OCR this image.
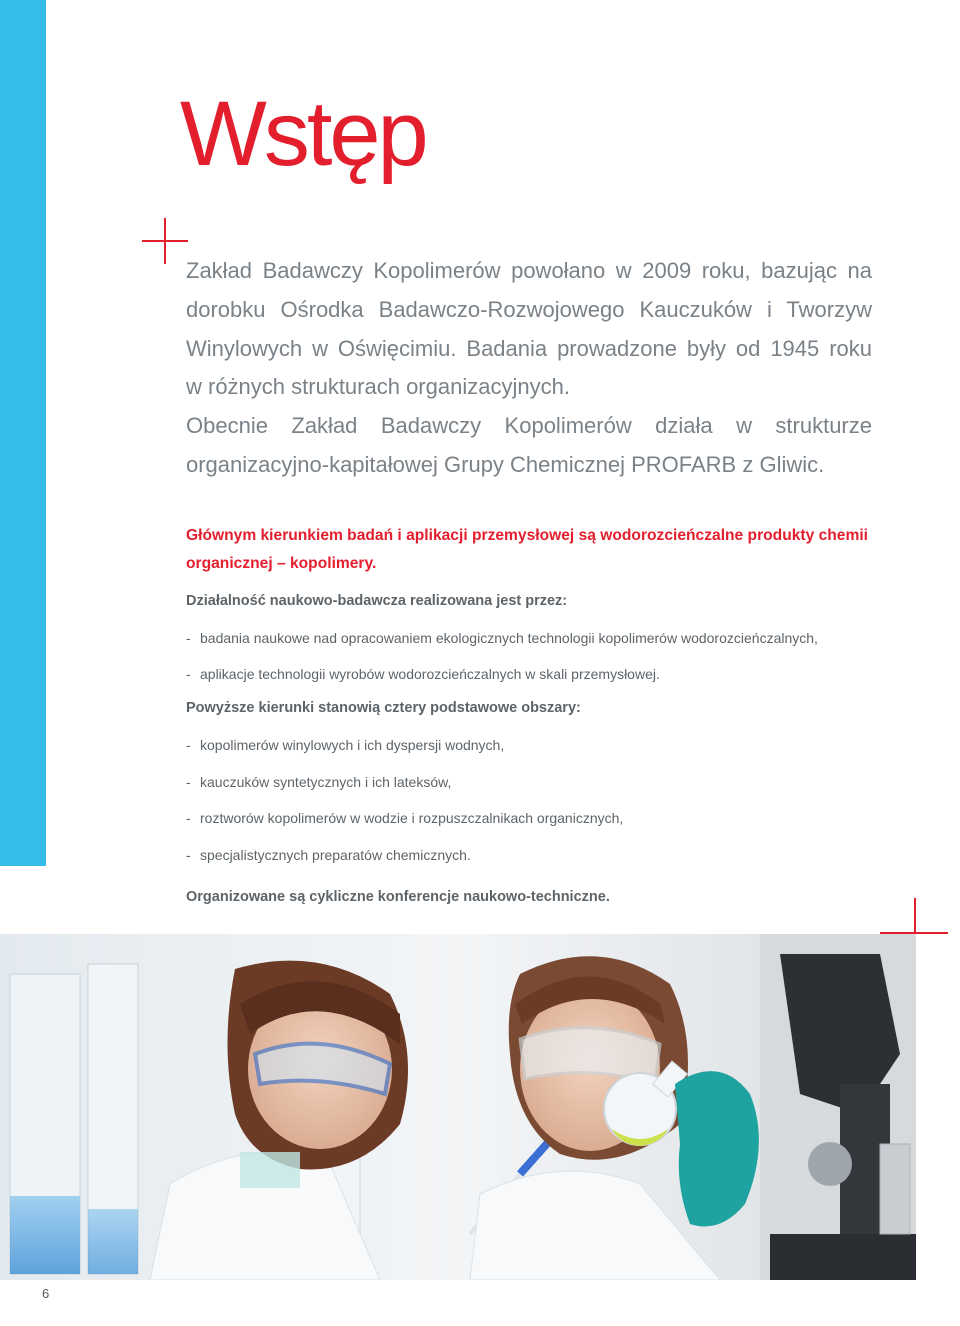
Wstęp

Zakład Badawczy Kopolimerów powołano w 2009 roku, bazując na

dorobku Ośrodka Badawczo-Rozwojowego Kauczuków i Tworzyw

Winylowych w Oświęcimiu. Badania prowadzone były od 1945 roku

w różnych strukturach organizacyjnych.

Obecnie Zakład Badawczy Kopolimerów działa w strukturze

organizacyjno-kapitałowej Grupy Chemicznej PROFARB z Gliwic.

Głównym kierunkiem badań i aplikacji przemysłowej są wodorozcieńczalne produkty chemii organicznej – kopolimery.

Działalność naukowo-badawcza realizowana jest przez:

- badania naukowe nad opracowaniem ekologicznych technologii kopolimerów wodorozcieńczalnych,
- aplikacje technologii wyrobów wodorozcieńczalnych w skali przemysłowej.

Powyższe kierunki stanowią cztery podstawowe obszary:

- kopolimerów winylowych i ich dyspersji wodnych,
- kauczuków syntetycznych i ich lateksów,
- roztworów kopolimerów w wodzie i rozpuszczalnikach organicznych,
- specjalistycznych preparatów chemicznych.

Organizowane są cykliczne konferencje naukowo-techniczne.

6
